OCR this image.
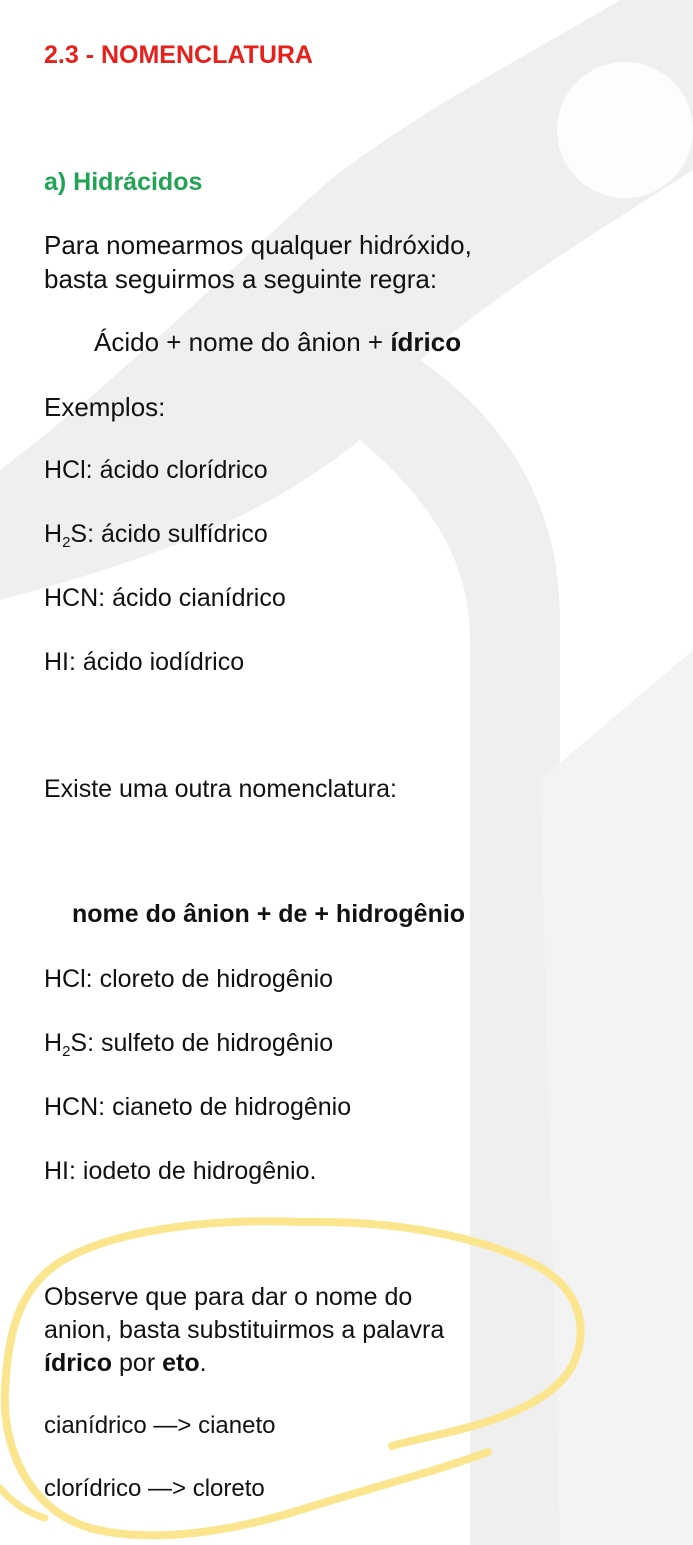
2.3 - NOMENCLATURA
a) Hidrácidos
Para nomearmos qualquer hidróxido,
basta seguirmos a seguinte regra:
Ácido + nome do ânion + ídrico
Exemplos:
HCl: ácido clorídrico
$H_2S$: ácido sulfídrico
HCN: ácido cianídrico
HI: ácido iodídrico
Existe uma outra nomenclatura:
nome do ânion + de + hidrogênio
HCl: cloreto de hidrogênio
$H_2S$: sulfeto de hidrogênio
HCN: cianeto de hidrogênio
HI: iodeto de hidrogênio.
Observe que para dar o nome do
anion, basta substituirmos a palavra
ídrico por eto.
cianídrico —> cianeto
clorídrico —> cloreto
